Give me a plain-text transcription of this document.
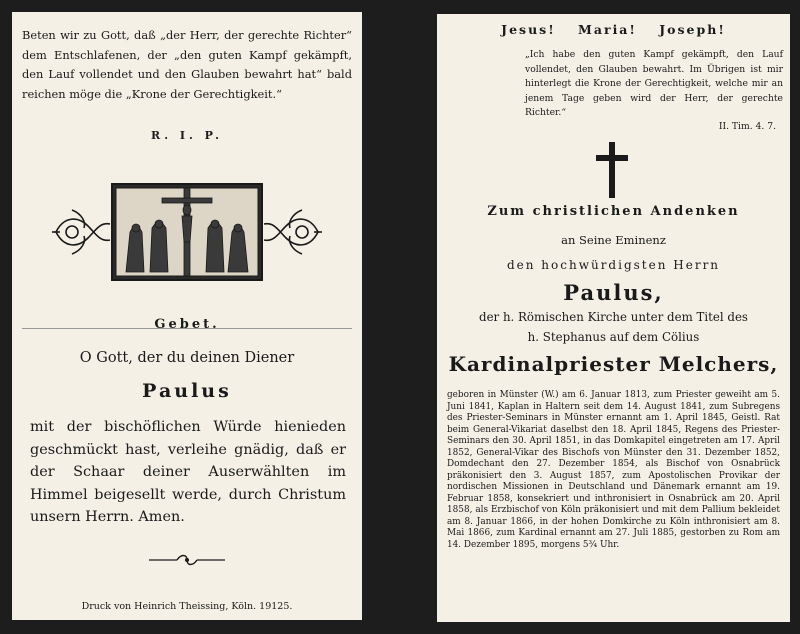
Beten wir zu Gott, daß „der Herr, der gerechte Richter“ dem Entschlafenen, der „den guten Kampf gekämpft, den Lauf vollendet und den Glauben bewahrt hat“ bald reichen möge die „Krone der Gerechtigkeit.“
R. I. P.
Gebet.
O Gott, der du deinen Diener
Paulus
mit der bischöflichen Würde hienieden geschmückt hast, verleihe gnädig, daß er der Schaar deiner Auserwählten im Himmel beigesellt werde, durch Christum unsern Herrn. Amen.
Druck von Heinrich Theissing, Köln. 19125.
Jesus! Maria! Joseph!
„Ich habe den guten Kampf gekämpft, den Lauf vollendet, den Glauben bewahrt. Im Übrigen ist mir hinterlegt die Krone der Gerechtigkeit, welche mir an jenem Tage geben wird der Herr, der gerechte Richter.“
II. Tim. 4. 7.
Zum christlichen Andenken
an Seine Eminenz
den hochwürdigsten Herrn
Paulus,
der h. Römischen Kirche unter dem Titel des
h. Stephanus auf dem Cölius
Kardinalpriester Melchers,
geboren in Münster (W.) am 6. Januar 1813, zum Priester geweiht am 5. Juni 1841, Kaplan in Haltern seit dem 14. August 1841, zum Subregens des Priester-Seminars in Münster ernannt am 1. April 1845, Geistl. Rat beim General-Vikariat daselbst den 18. April 1845, Regens des Priester-Seminars den 30. April 1851, in das Domkapitel eingetreten am 17. April 1852, General-Vikar des Bischofs von Münster den 31. Dezember 1852, Domdechant den 27. Dezember 1854, als Bischof von Osnabrück präkonisiert den 3. August 1857, zum Apostolischen Provikar der nordischen Missionen in Deutschland und Dänemark ernannt am 19. Februar 1858, konsekriert und inthronisiert in Osnabrück am 20. April 1858, als Erzbischof von Köln präkonisiert und mit dem Pallium bekleidet am 8. Januar 1866, in der hohen Domkirche zu Köln inthronisiert am 8. Mai 1866, zum Kardinal ernannt am 27. Juli 1885, gestorben zu Rom am 14. Dezember 1895, morgens 5¾ Uhr.
